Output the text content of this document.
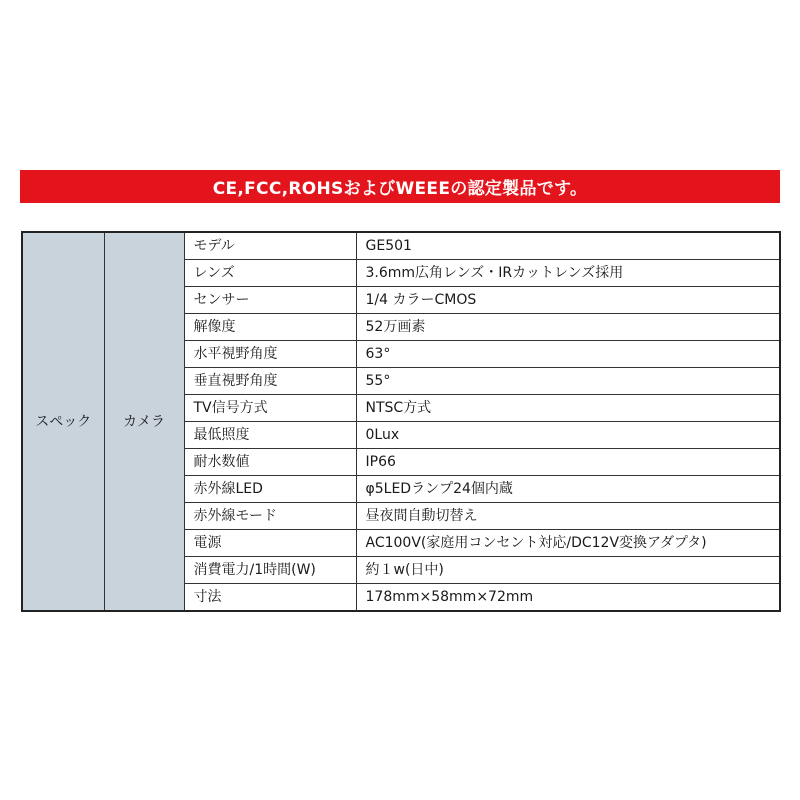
CE,FCC,ROHSおよびWEEEの認定製品です。
スペック	カメラ	モデル	GE501
		レンズ	3.6mm広角レンズ・IRカットレンズ採用
		センサー	1/4 カラーCMOS
		解像度	52万画素
		水平視野角度	63°
		垂直視野角度	55°
		TV信号方式	NTSC方式
		最低照度	0Lux
		耐水数値	IP66
		赤外線LED	φ5LEDランプ24個内蔵
		赤外線モード	昼夜間自動切替え
		電源	AC100V(家庭用コンセント対応/DC12V変換アダプタ)
		消費電力/1時間(W)	約１w(日中)
		寸法	178mm×58mm×72mm
